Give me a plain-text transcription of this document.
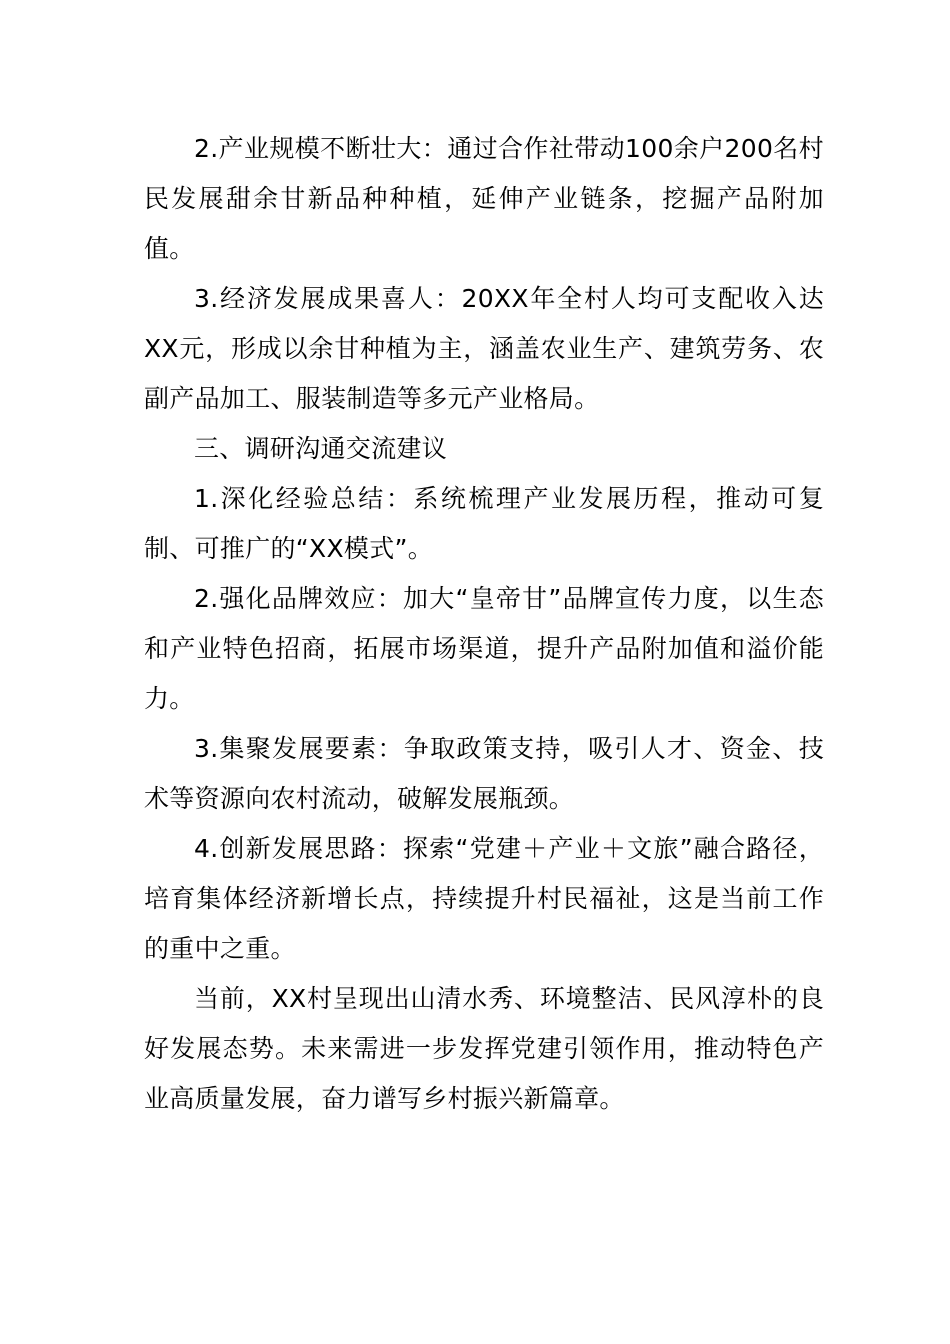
2.产业规模不断壮大：通过合作社带动100余户200名村民发展甜余甘新品种种植，延伸产业链条，挖掘产品附加值。

3.经济发展成果喜人：20XX年全村人均可支配收入达XX元，形成以余甘种植为主，涵盖农业生产、建筑劳务、农副产品加工、服装制造等多元产业格局。

三、调研沟通交流建议

1.深化经验总结：系统梳理产业发展历程，推动可复制、可推广的“XX模式”。

2.强化品牌效应：加大“皇帝甘”品牌宣传力度，以生态和产业特色招商，拓展市场渠道，提升产品附加值和溢价能力。

3.集聚发展要素：争取政策支持，吸引人才、资金、技术等资源向农村流动，破解发展瓶颈。

4.创新发展思路：探索“党建＋产业＋文旅”融合路径，培育集体经济新增长点，持续提升村民福祉，这是当前工作的重中之重。

当前，XX村呈现出山清水秀、环境整洁、民风淳朴的良好发展态势。未来需进一步发挥党建引领作用，推动特色产业高质量发展，奋力谱写乡村振兴新篇章。
